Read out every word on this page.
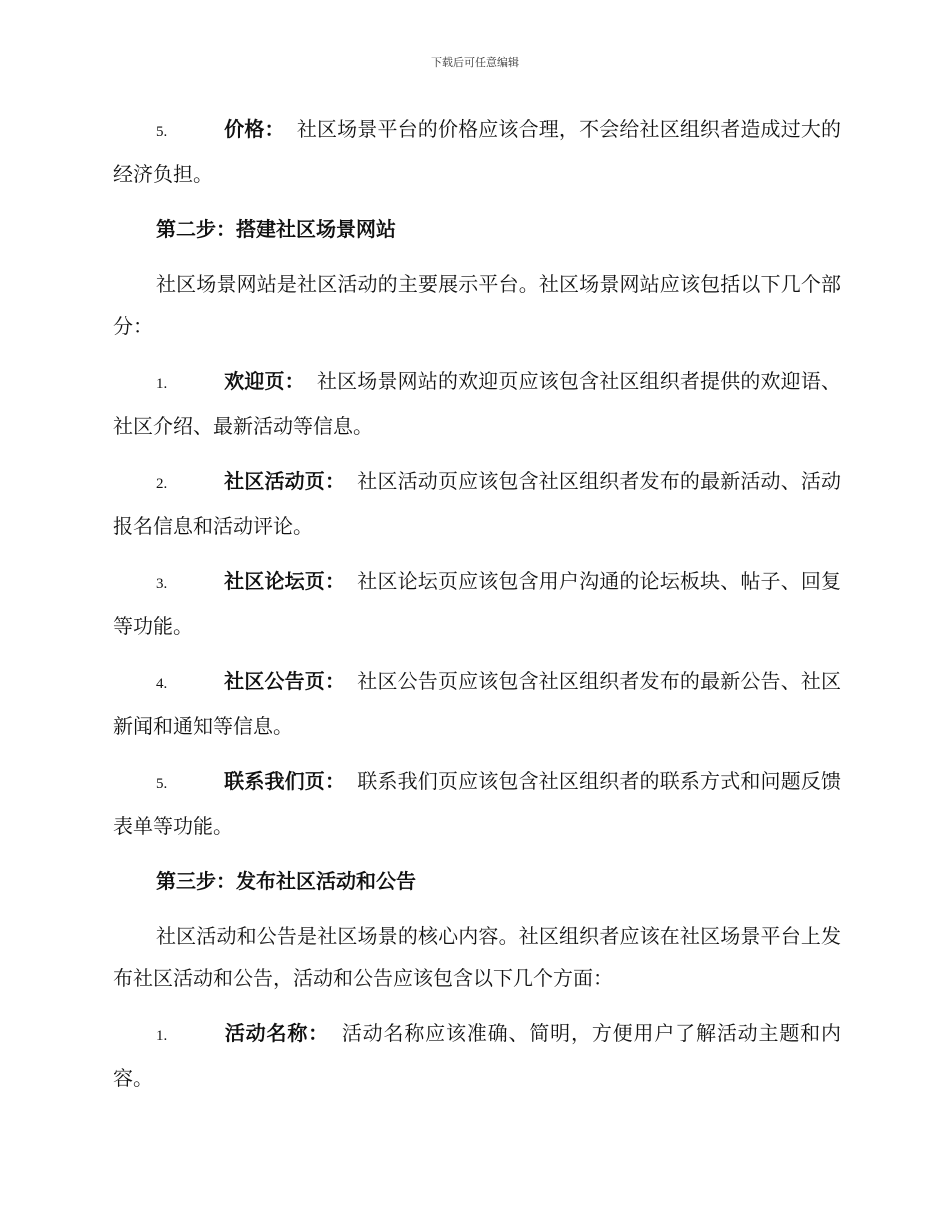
下载后可任意编辑

5.	价格： 社区场景平台的价格应该合理，不会给社区组织者造成过大的经济负担。

第二步：搭建社区场景网站

社区场景网站是社区活动的主要展示平台。社区场景网站应该包括以下几个部分：

1.	欢迎页： 社区场景网站的欢迎页应该包含社区组织者提供的欢迎语、社区介绍、最新活动等信息。

2.	社区活动页： 社区活动页应该包含社区组织者发布的最新活动、活动报名信息和活动评论。

3.	社区论坛页： 社区论坛页应该包含用户沟通的论坛板块、帖子、回复等功能。

4.	社区公告页： 社区公告页应该包含社区组织者发布的最新公告、社区新闻和通知等信息。

5.	联系我们页： 联系我们页应该包含社区组织者的联系方式和问题反馈表单等功能。

第三步：发布社区活动和公告

社区活动和公告是社区场景的核心内容。社区组织者应该在社区场景平台上发布社区活动和公告，活动和公告应该包含以下几个方面：

1.	活动名称： 活动名称应该准确、简明，方便用户了解活动主题和内容。
